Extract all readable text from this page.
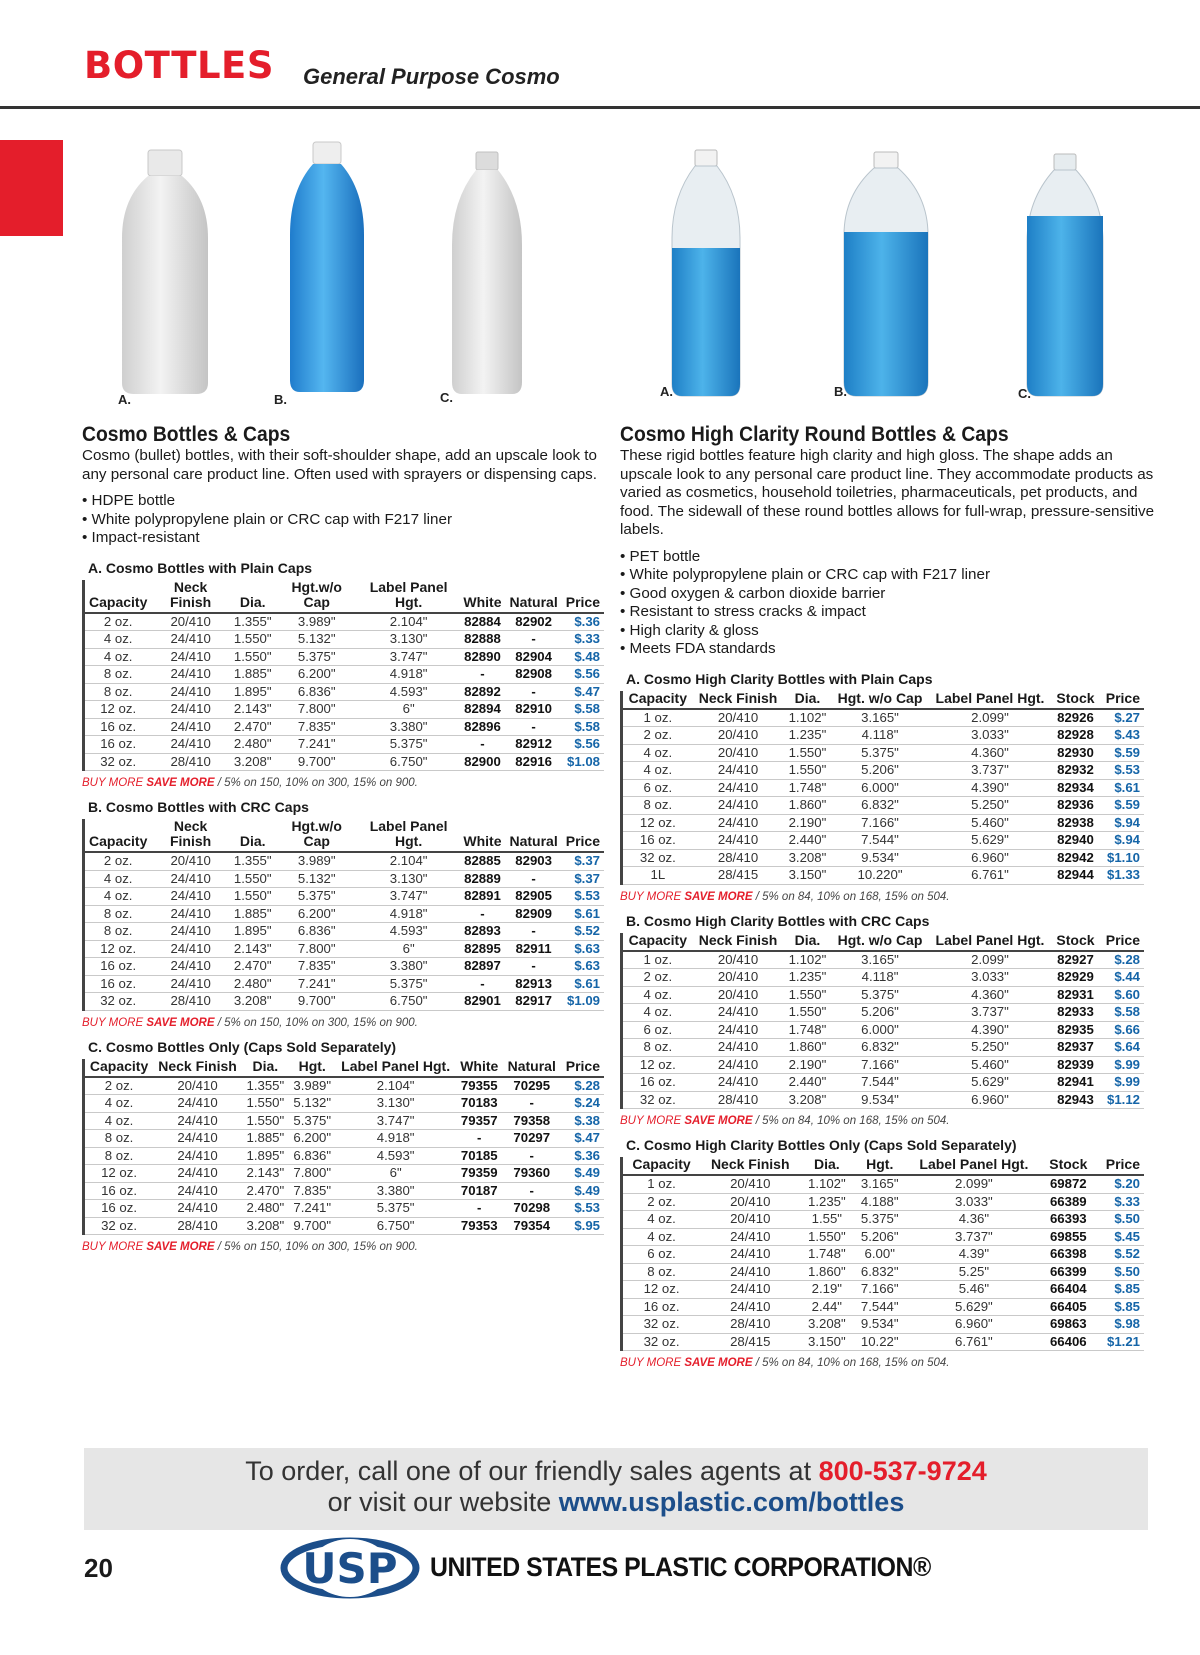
BOTTLES General Purpose Cosmo
A.	B.	C.	A.	B.	C.
Cosmo Bottles & Caps

Cosmo (bullet) bottles, with their soft-shoulder shape, add an upscale look to any personal care product line. Often used with sprayers or dispensing caps.

• HDPE bottle
• White polypropylene plain or CRC cap with F217 liner
• Impact-resistant
A. Cosmo Bottles with Plain Caps
Capacity	Neck Finish	Dia.	Hgt.w/o Cap	Label Panel Hgt.	White	Natural	Price
2 oz.	20/410	1.355"	3.989"	2.104"	82884	82902	$.36
4 oz.	24/410	1.550"	5.132"	3.130"	82888	-	$.33
4 oz.	24/410	1.550"	5.375"	3.747"	82890	82904	$.48
8 oz.	24/410	1.885"	6.200"	4.918"	-	82908	$.56
8 oz.	24/410	1.895"	6.836"	4.593"	82892	-	$.47
12 oz.	24/410	2.143"	7.800"	6"	82894	82910	$.58
16 oz.	24/410	2.470"	7.835"	3.380"	82896	-	$.58
16 oz.	24/410	2.480"	7.241"	5.375"	-	82912	$.56
32 oz.	28/410	3.208"	9.700"	6.750"	82900	82916	$1.08
BUY MORE SAVE MORE / 5% on 150, 10% on 300, 15% on 900.
B. Cosmo Bottles with CRC Caps
Capacity	Neck Finish	Dia.	Hgt.w/o Cap	Label Panel Hgt.	White	Natural	Price
2 oz.	20/410	1.355"	3.989"	2.104"	82885	82903	$.37
4 oz.	24/410	1.550"	5.132"	3.130"	82889	-	$.37
4 oz.	24/410	1.550"	5.375"	3.747"	82891	82905	$.53
8 oz.	24/410	1.885"	6.200"	4.918"	-	82909	$.61
8 oz.	24/410	1.895"	6.836"	4.593"	82893	-	$.52
12 oz.	24/410	2.143"	7.800"	6"	82895	82911	$.63
16 oz.	24/410	2.470"	7.835"	3.380"	82897	-	$.63
16 oz.	24/410	2.480"	7.241"	5.375"	-	82913	$.61
32 oz.	28/410	3.208"	9.700"	6.750"	82901	82917	$1.09
BUY MORE SAVE MORE / 5% on 150, 10% on 300, 15% on 900.
C. Cosmo Bottles Only (Caps Sold Separately)
Capacity	Neck Finish	Dia.	Hgt.	Label Panel Hgt.	White	Natural	Price
2 oz.	20/410	1.355"	3.989"	2.104"	79355	70295	$.28
4 oz.	24/410	1.550"	5.132"	3.130"	70183	-	$.24
4 oz.	24/410	1.550"	5.375"	3.747"	79357	79358	$.38
8 oz.	24/410	1.885"	6.200"	4.918"	-	70297	$.47
8 oz.	24/410	1.895"	6.836"	4.593"	70185	-	$.36
12 oz.	24/410	2.143"	7.800"	6"	79359	79360	$.49
16 oz.	24/410	2.470"	7.835"	3.380"	70187	-	$.49
16 oz.	24/410	2.480"	7.241"	5.375"	-	70298	$.53
32 oz.	28/410	3.208"	9.700"	6.750"	79353	79354	$.95
BUY MORE SAVE MORE / 5% on 150, 10% on 300, 15% on 900.
Cosmo High Clarity Round Bottles & Caps

These rigid bottles feature high clarity and high gloss. The shape adds an upscale look to any personal care product line. They accommodate products as varied as cosmetics, household toiletries, pharmaceuticals, pet products, and food. The sidewall of these round bottles allows for full-wrap, pressure-sensitive labels.

• PET bottle
• White polypropylene plain or CRC cap with F217 liner
• Good oxygen & carbon dioxide barrier
• Resistant to stress cracks & impact
• High clarity & gloss
• Meets FDA standards
A. Cosmo High Clarity Bottles with Plain Caps
Capacity	Neck Finish	Dia.	Hgt. w/o Cap	Label Panel Hgt.	Stock	Price
1 oz.	20/410	1.102"	3.165"	2.099"	82926	$.27
2 oz.	20/410	1.235"	4.118"	3.033"	82928	$.43
4 oz.	20/410	1.550"	5.375"	4.360"	82930	$.59
4 oz.	24/410	1.550"	5.206"	3.737"	82932	$.53
6 oz.	24/410	1.748"	6.000"	4.390"	82934	$.61
8 oz.	24/410	1.860"	6.832"	5.250"	82936	$.59
12 oz.	24/410	2.190"	7.166"	5.460"	82938	$.94
16 oz.	24/410	2.440"	7.544"	5.629"	82940	$.94
32 oz.	28/410	3.208"	9.534"	6.960"	82942	$1.10
1L	28/415	3.150"	10.220"	6.761"	82944	$1.33
BUY MORE SAVE MORE / 5% on 84, 10% on 168, 15% on 504.
B. Cosmo High Clarity Bottles with CRC Caps
Capacity	Neck Finish	Dia.	Hgt. w/o Cap	Label Panel Hgt.	Stock	Price
1 oz.	20/410	1.102"	3.165"	2.099"	82927	$.28
2 oz.	20/410	1.235"	4.118"	3.033"	82929	$.44
4 oz.	20/410	1.550"	5.375"	4.360"	82931	$.60
4 oz.	24/410	1.550"	5.206"	3.737"	82933	$.58
6 oz.	24/410	1.748"	6.000"	4.390"	82935	$.66
8 oz.	24/410	1.860"	6.832"	5.250"	82937	$.64
12 oz.	24/410	2.190"	7.166"	5.460"	82939	$.99
16 oz.	24/410	2.440"	7.544"	5.629"	82941	$.99
32 oz.	28/410	3.208"	9.534"	6.960"	82943	$1.12
BUY MORE SAVE MORE / 5% on 84, 10% on 168, 15% on 504.
C. Cosmo High Clarity Bottles Only (Caps Sold Separately)
Capacity	Neck Finish	Dia.	Hgt.	Label Panel Hgt.	Stock	Price
1 oz.	20/410	1.102"	3.165"	2.099"	69872	$.20
2 oz.	20/410	1.235"	4.188"	3.033"	66389	$.33
4 oz.	20/410	1.55"	5.375"	4.36"	66393	$.50
4 oz.	24/410	1.550"	5.206"	3.737"	69855	$.45
6 oz.	24/410	1.748"	6.00"	4.39"	66398	$.52
8 oz.	24/410	1.860"	6.832"	5.25"	66399	$.50
12 oz.	24/410	2.19"	7.166"	5.46"	66404	$.85
16 oz.	24/410	2.44"	7.544"	5.629"	66405	$.85
32 oz.	28/410	3.208"	9.534"	6.960"	69863	$.98
32 oz.	28/415	3.150"	10.22"	6.761"	66406	$1.21
BUY MORE SAVE MORE / 5% on 84, 10% on 168, 15% on 504.
To order, call one of our friendly sales agents at 800-537-9724
or visit our website www.usplastic.com/bottles
20	USP UNITED STATES PLASTIC CORPORATION®
